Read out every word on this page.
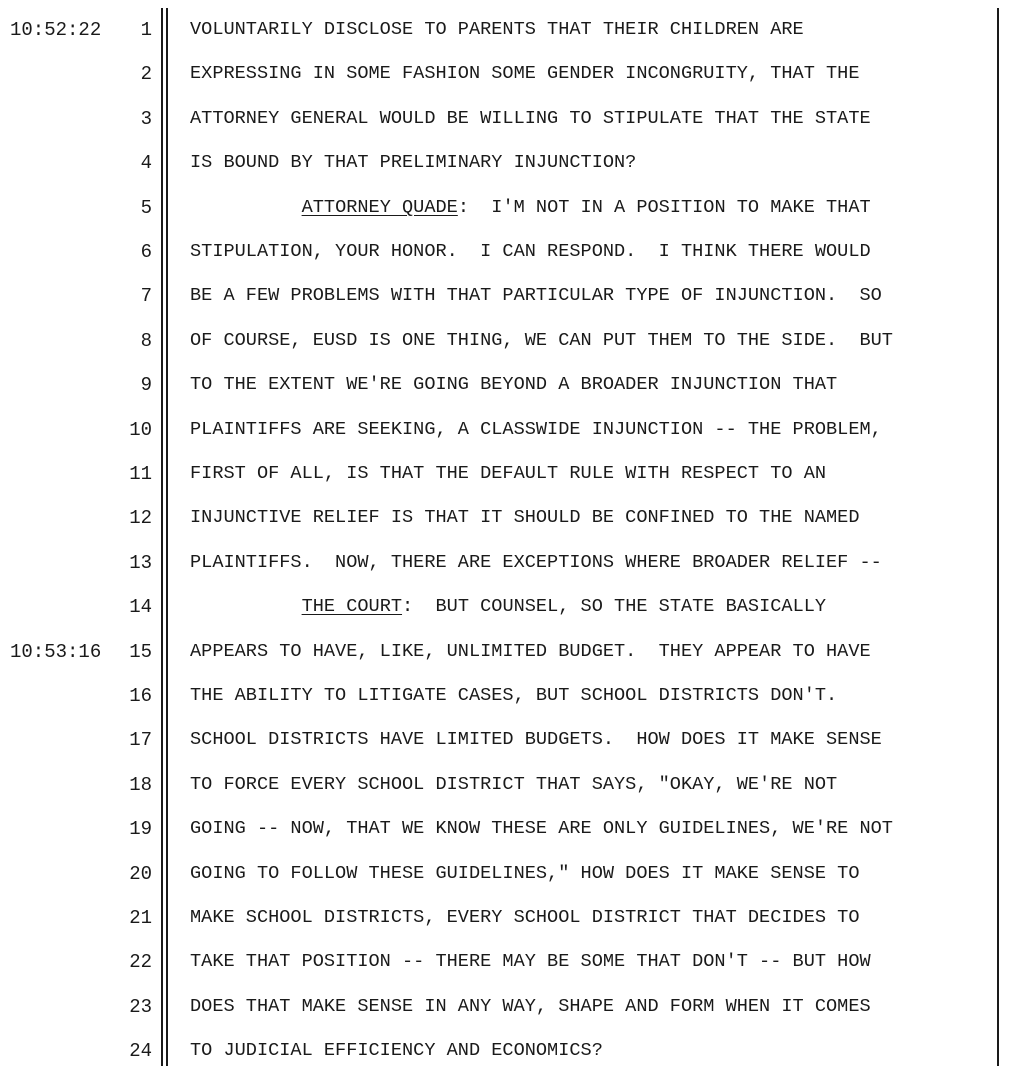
10:52:22	1 VOLUNTARILY DISCLOSE TO PARENTS THAT THEIR CHILDREN ARE
2 EXPRESSING IN SOME FASHION SOME GENDER INCONGRUITY, THAT THE
3 ATTORNEY GENERAL WOULD BE WILLING TO STIPULATE THAT THE STATE
4 IS BOUND BY THAT PRELIMINARY INJUNCTION?
5	ATTORNEY QUADE:  I'M NOT IN A POSITION TO MAKE THAT
6 STIPULATION, YOUR HONOR.  I CAN RESPOND.  I THINK THERE WOULD
7 BE A FEW PROBLEMS WITH THAT PARTICULAR TYPE OF INJUNCTION.  SO
8 OF COURSE, EUSD IS ONE THING, WE CAN PUT THEM TO THE SIDE.  BUT
9 TO THE EXTENT WE'RE GOING BEYOND A BROADER INJUNCTION THAT
10 PLAINTIFFS ARE SEEKING, A CLASSWIDE INJUNCTION -- THE PROBLEM,
11 FIRST OF ALL, IS THAT THE DEFAULT RULE WITH RESPECT TO AN
12 INJUNCTIVE RELIEF IS THAT IT SHOULD BE CONFINED TO THE NAMED
13 PLAINTIFFS.  NOW, THERE ARE EXCEPTIONS WHERE BROADER RELIEF --
14	THE COURT:  BUT COUNSEL, SO THE STATE BASICALLY
10:53:16	15 APPEARS TO HAVE, LIKE, UNLIMITED BUDGET.  THEY APPEAR TO HAVE
16 THE ABILITY TO LITIGATE CASES, BUT SCHOOL DISTRICTS DON'T.
17 SCHOOL DISTRICTS HAVE LIMITED BUDGETS.  HOW DOES IT MAKE SENSE
18 TO FORCE EVERY SCHOOL DISTRICT THAT SAYS, "OKAY, WE'RE NOT
19 GOING -- NOW, THAT WE KNOW THESE ARE ONLY GUIDELINES, WE'RE NOT
20 GOING TO FOLLOW THESE GUIDELINES," HOW DOES IT MAKE SENSE TO
21 MAKE SCHOOL DISTRICTS, EVERY SCHOOL DISTRICT THAT DECIDES TO
22 TAKE THAT POSITION -- THERE MAY BE SOME THAT DON'T -- BUT HOW
23 DOES THAT MAKE SENSE IN ANY WAY, SHAPE AND FORM WHEN IT COMES
24 TO JUDICIAL EFFICIENCY AND ECONOMICS?
